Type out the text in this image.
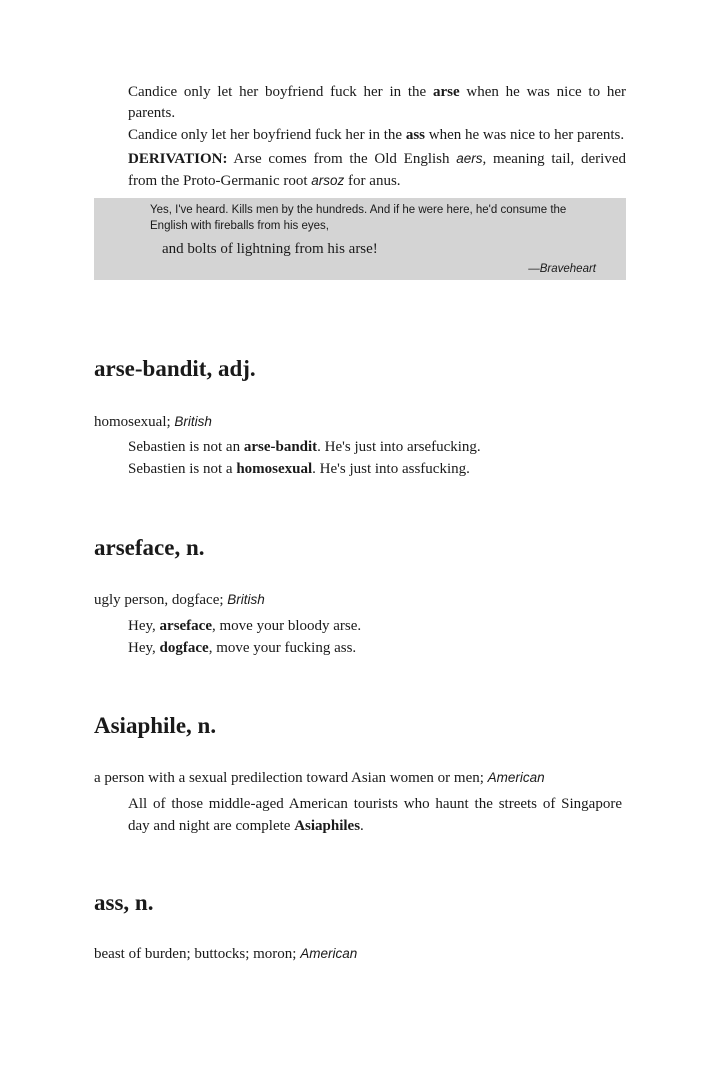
Candice only let her boyfriend fuck her in the arse when he was nice to her parents.

Candice only let her boyfriend fuck her in the ass when he was nice to her parents.

DERIVATION: Arse comes from the Old English aers, meaning tail, derived from the Proto-Germanic root arsoz for anus.

Yes, I've heard. Kills men by the hundreds. And if he were here, he'd consume the English with fireballs from his eyes,
and bolts of lightning from his arse!
—Braveheart
arse-bandit, adj.

homosexual; British

Sebastien is not an arse-bandit. He's just into arsefucking.

Sebastien is not a homosexual. He's just into assfucking.

arseface, n.

ugly person, dogface; British

Hey, arseface, move your bloody arse.

Hey, dogface, move your fucking ass.

Asiaphile, n.

a person with a sexual predilection toward Asian women or men; American

All of those middle-aged American tourists who haunt the streets of Singapore day and night are complete Asiaphiles.

ass, n.

beast of burden; buttocks; moron; American
